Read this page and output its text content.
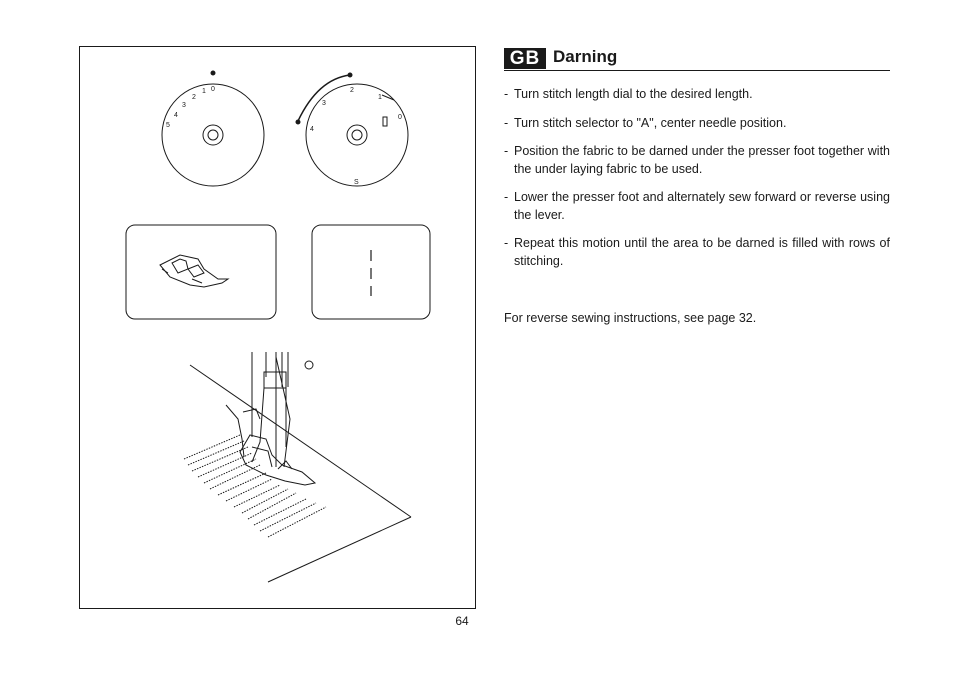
5
4
3
2
1 0
4
3
2
1
0
S
64
GB Darning
- Turn stitch length dial to the desired length.
- Turn stitch selector to "A", center needle position.
- Position the fabric to be darned under the presser foot together with the under laying fabric to be used.
- Lower the presser foot and alternately sew forward or reverse using the lever.
- Repeat this motion until the area to be darned is filled with rows of stitching.
For reverse sewing instructions, see page 32.
